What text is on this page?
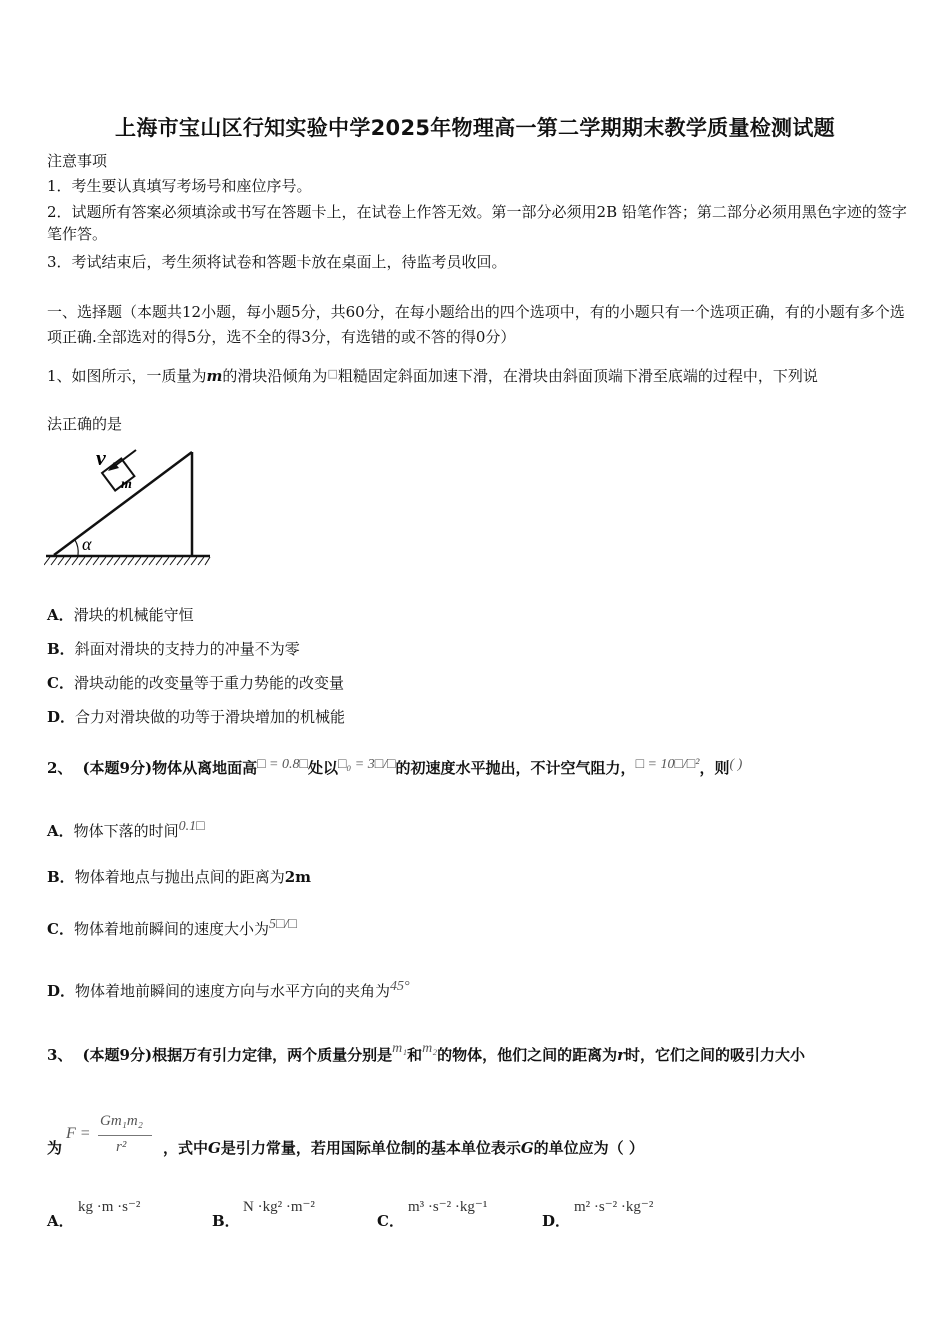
上海市宝山区行知实验中学2025年物理高一第二学期期末教学质量检测试题
注意事项
1．考生要认真填写考场号和座位序号。
2．试题所有答案必须填涂或书写在答题卡上，在试卷上作答无效。第一部分必须用2B 铅笔作答；第二部分必须用黑色字迹的签字笔作答。
3．考试结束后，考生须将试卷和答题卡放在桌面上，待监考员收回。
一、选择题（本题共12小题，每小题5分，共60分，在每小题给出的四个选项中，有的小题只有一个选项正确，有的小题有多个选项正确.全部选对的得5分，选不全的得3分，有选错的或不答的得0分）
1、如图所示，一质量为m的滑块沿倾角为□粗糙固定斜面加速下滑，在滑块由斜面顶端下滑至底端的过程中，下列说
法正确的是
α
m
v
A．滑块的机械能守恒
B．斜面对滑块的支持力的冲量不为零
C．滑块动能的改变量等于重力势能的改变量
D．合力对滑块做的功等于滑块增加的机械能
2、 (本题9分)物体从离地面高□ = 0.8□处以□₀ = 3□/□的初速度水平抛出，不计空气阻力，□ = 10□/□²，则( )
A．物体下落的时间0.1□
B．物体着地点与抛出点间的距离为2m
C．物体着地前瞬间的速度大小为5□/□
D．物体着地前瞬间的速度方向与水平方向的夹角为45°
3、 (本题9分)根据万有引力定律，两个质量分别是m₁和m₂的物体，他们之间的距离为r时，它们之间的吸引力大小
为
F =
Gm₁m₂
r² ，式中G是引力常量，若用国际单位制的基本单位表示G的单位应为（ ）
A．
kg ·m ·s⁻²
B．
N ·kg² ·m⁻²
C．
m³ ·s⁻² ·kg⁻¹
D．
m² ·s⁻² ·kg⁻²
